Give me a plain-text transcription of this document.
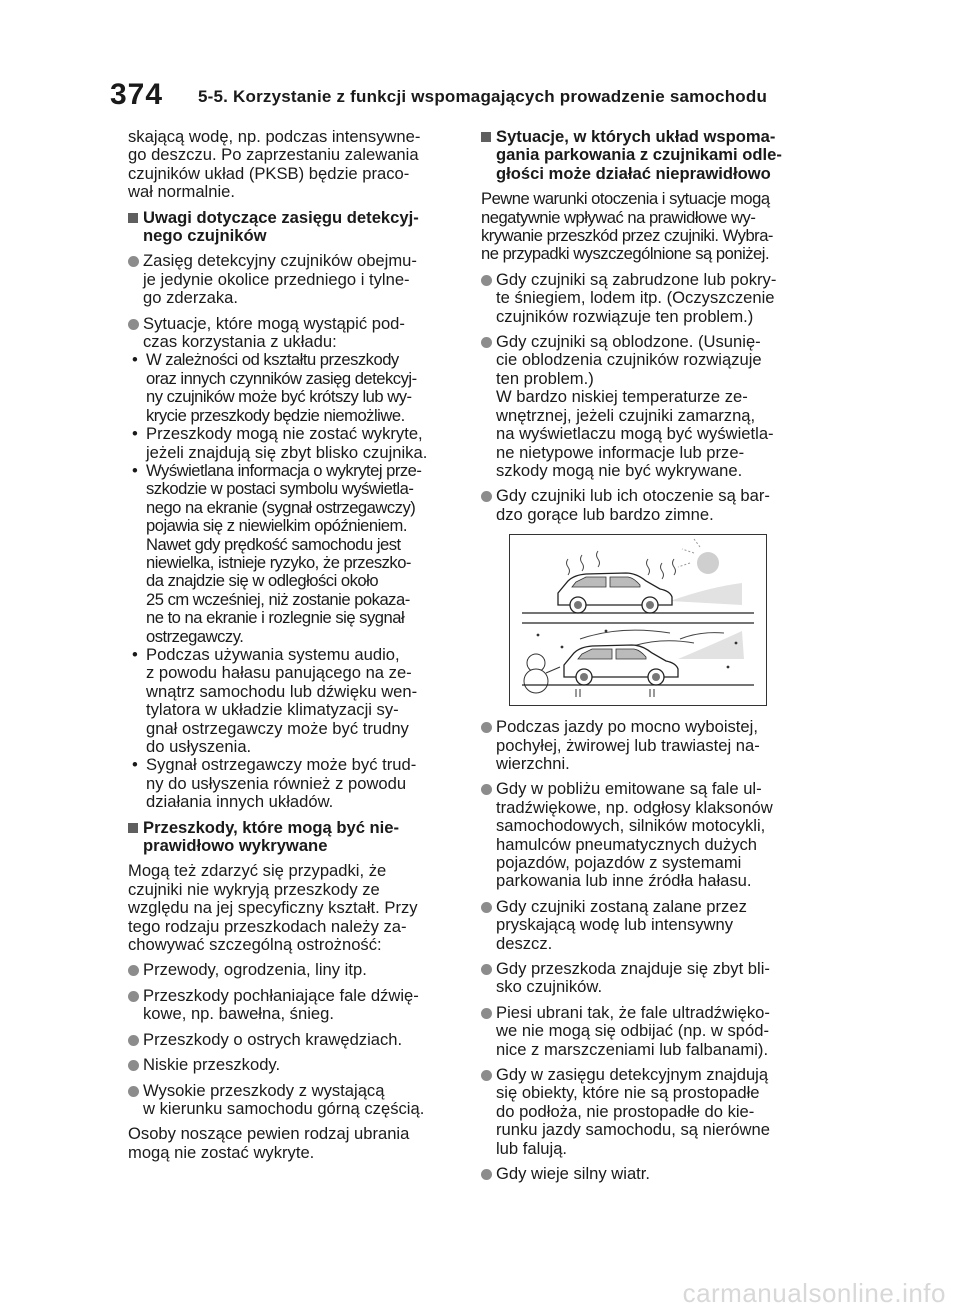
374 5-5. Korzystanie z funkcji wspomagających prowadzenie samochodu
skającą wodę, np. podczas intensywne-
go deszczu. Po zaprzestaniu zalewania
czujników układ (PKSB) będzie praco-
wał normalnie.
Uwagi dotyczące zasięgu detekcyj-
nego czujników
Zasięg detekcyjny czujników obejmu-
je jedynie okolice przedniego i tylne-
go zderzaka.
Sytuacje, które mogą wystąpić pod-
czas korzystania z układu:
• W zależności od kształtu przeszkody
oraz innych czynników zasięg detekcyj-
ny czujników może być krótszy lub wy-
krycie przeszkody będzie niemożliwe.
• Przeszkody mogą nie zostać wykryte,
jeżeli znajdują się zbyt blisko czujnika.
• Wyświetlana informacja o wykrytej prze-
szkodzie w postaci symbolu wyświetla-
nego na ekranie (sygnał ostrzegawczy)
pojawia się z niewielkim opóźnieniem.
Nawet gdy prędkość samochodu jest
niewielka, istnieje ryzyko, że przeszko-
da znajdzie się w odległości około
25 cm wcześniej, niż zostanie pokaza-
ne to na ekranie i rozlegnie się sygnał
ostrzegawczy.
• Podczas używania systemu audio,
z powodu hałasu panującego na ze-
wnątrz samochodu lub dźwięku wen-
tylatora w układzie klimatyzacji sy-
gnał ostrzegawczy może być trudny
do usłyszenia.
• Sygnał ostrzegawczy może być trud-
ny do usłyszenia również z powodu
działania innych układów.
Przeszkody, które mogą być nie-
prawidłowo wykrywane
Mogą też zdarzyć się przypadki, że
czujniki nie wykryją przeszkody ze
względu na jej specyficzny kształt. Przy
tego rodzaju przeszkodach należy za-
chowywać szczególną ostrożność:
Przewody, ogrodzenia, liny itp.
Przeszkody pochłaniające fale dźwię-
kowe, np. bawełna, śnieg.
Przeszkody o ostrych krawędziach.
Niskie przeszkody.
Wysokie przeszkody z wystającą
w kierunku samochodu górną częścią.
Osoby noszące pewien rodzaj ubrania
mogą nie zostać wykryte.
Sytuacje, w których układ wspoma-
gania parkowania z czujnikami odle-
głości może działać nieprawidłowo
Pewne warunki otoczenia i sytuacje mogą
negatywnie wpływać na prawidłowe wy-
krywanie przeszkód przez czujniki. Wybra-
ne przypadki wyszczególnione są poniżej.
Gdy czujniki są zabrudzone lub pokry-
te śniegiem, lodem itp. (Oczyszczenie
czujników rozwiązuje ten problem.)
Gdy czujniki są oblodzone. (Usunię-
cie oblodzenia czujników rozwiązuje
ten problem.)
W bardzo niskiej temperaturze ze-
wnętrznej, jeżeli czujniki zamarzną,
na wyświetlaczu mogą być wyświetla-
ne nietypowe informacje lub prze-
szkody mogą nie być wykrywane.
Gdy czujniki lub ich otoczenie są bar-
dzo gorące lub bardzo zimne.
Podczas jazdy po mocno wyboistej,
pochyłej, żwirowej lub trawiastej na-
wierzchni.
Gdy w pobliżu emitowane są fale ul-
tradźwiękowe, np. odgłosy klaksonów
samochodowych, silników motocykli,
hamulców pneumatycznych dużych
pojazdów, pojazdów z systemami
parkowania lub inne źródła hałasu.
Gdy czujniki zostaną zalane przez
pryskającą wodę lub intensywny
deszcz.
Gdy przeszkoda znajduje się zbyt bli-
sko czujników.
Piesi ubrani tak, że fale ultradźwięko-
we nie mogą się odbijać (np. w spód-
nice z marszczeniami lub falbanami).
Gdy w zasięgu detekcyjnym znajdują
się obiekty, które nie są prostopadłe
do podłoża, nie prostopadłe do kie-
runku jazdy samochodu, są nierówne
lub falują.
Gdy wieje silny wiatr.
carmanualsonline.info
